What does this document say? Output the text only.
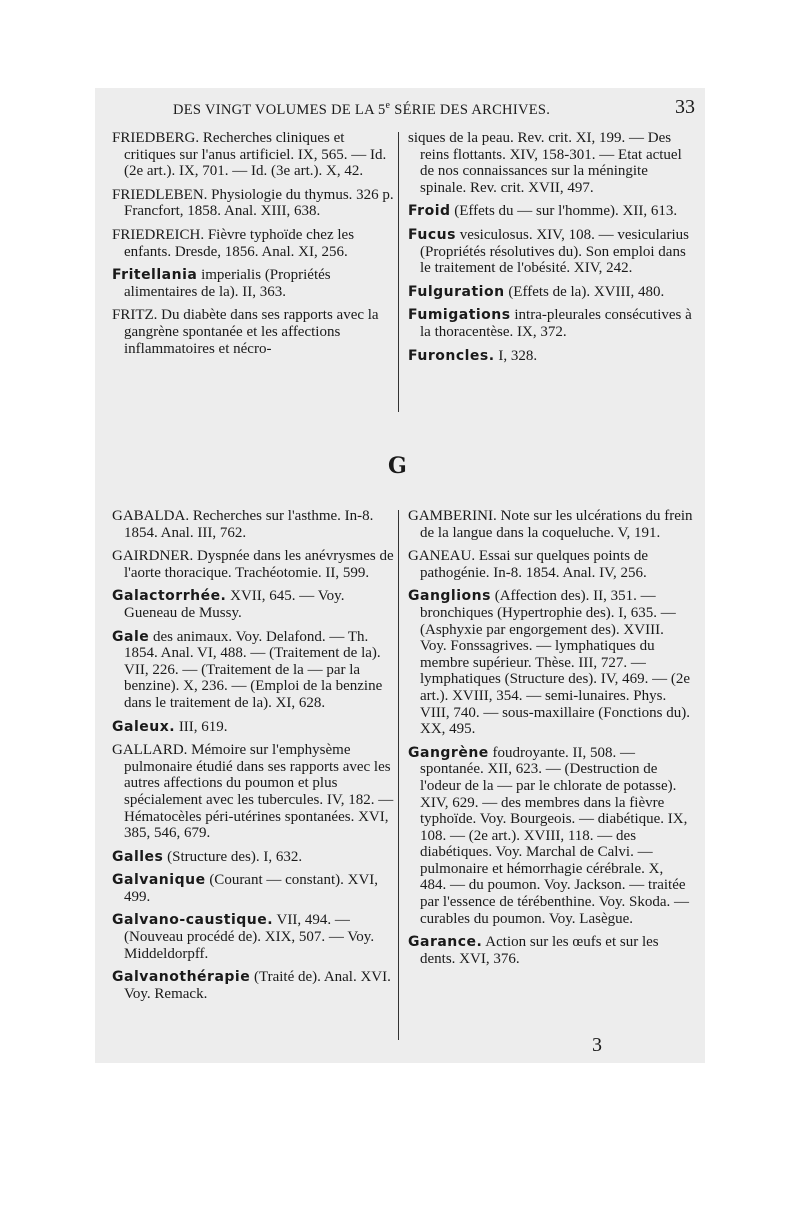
DES VINGT VOLUMES DE LA 5e SÉRIE DES ARCHIVES.	33

FRIEDBERG. Recherches cliniques et critiques sur l'anus artificiel. IX, 565. — Id. (2e art.). IX, 701. — Id. (3e art.). X, 42.

FRIEDLEBEN. Physiologie du thymus. 326 p. Francfort, 1858. Anal. XIII, 638.

FRIEDREICH. Fièvre typhoïde chez les enfants. Dresde, 1856. Anal. XI, 256.

Fritellania imperialis (Propriétés alimentaires de la). II, 363.

FRITZ. Du diabète dans ses rapports avec la gangrène spontanée et les affections inflammatoires et nécro-

siques de la peau. Rev. crit. XI, 199. — Des reins flottants. XIV, 158-301. — Etat actuel de nos connaissances sur la méningite spinale. Rev. crit. XVII, 497.

Froid (Effets du — sur l'homme). XII, 613.

Fucus vesiculosus. XIV, 108. — vesicularius (Propriétés résolutives du). Son emploi dans le traitement de l'obésité. XIV, 242.

Fulguration (Effets de la). XVIII, 480.

Fumigations intra-pleurales consécutives à la thoracentèse. IX, 372.

Furoncles. I, 328.

G

GABALDA. Recherches sur l'asthme. In-8. 1854. Anal. III, 762.

GAIRDNER. Dyspnée dans les anévrysmes de l'aorte thoracique. Trachéotomie. II, 599.

Galactorrhée. XVII, 645. — Voy. Gueneau de Mussy.

Gale des animaux. Voy. Delafond. — Th. 1854. Anal. VI, 488. — (Traitement de la). VII, 226. — (Traitement de la — par la benzine). X, 236. — (Emploi de la benzine dans le traitement de la). XI, 628.

Galeux. III, 619.

GALLARD. Mémoire sur l'emphysème pulmonaire étudié dans ses rapports avec les autres affections du poumon et plus spécialement avec les tubercules. IV, 182. — Hématocèles péri-utérines spontanées. XVI, 385, 546, 679.

Galles (Structure des). I, 632.

Galvanique (Courant — constant). XVI, 499.

Galvano-caustique. VII, 494. — (Nouveau procédé de). XIX, 507. — Voy. Middeldorpff.

Galvanothérapie (Traité de). Anal. XVI. Voy. Remack.

GAMBERINI. Note sur les ulcérations du frein de la langue dans la coqueluche. V, 191.

GANEAU. Essai sur quelques points de pathogénie. In-8. 1854. Anal. IV, 256.

Ganglions (Affection des). II, 351. — bronchiques (Hypertrophie des). I, 635. — (Asphyxie par engorgement des). XVIII. Voy. Fonssagrives. — lymphatiques du membre supérieur. Thèse. III, 727. — lymphatiques (Structure des). IV, 469. — (2e art.). XVIII, 354. — semi-lunaires. Phys. VIII, 740. — sous-maxillaire (Fonctions du). XX, 495.

Gangrène foudroyante. II, 508. — spontanée. XII, 623. — (Destruction de l'odeur de la — par le chlorate de potasse). XIV, 629. — des membres dans la fièvre typhoïde. Voy. Bourgeois. — diabétique. IX, 108. — (2e art.). XVIII, 118. — des diabétiques. Voy. Marchal de Calvi. — pulmonaire et hémorrhagie cérébrale. X, 484. — du poumon. Voy. Jackson. — traitée par l'essence de térébenthine. Voy. Skoda. — curables du poumon. Voy. Lasègue.

Garance. Action sur les œufs et sur les dents. XVI, 376.

3
